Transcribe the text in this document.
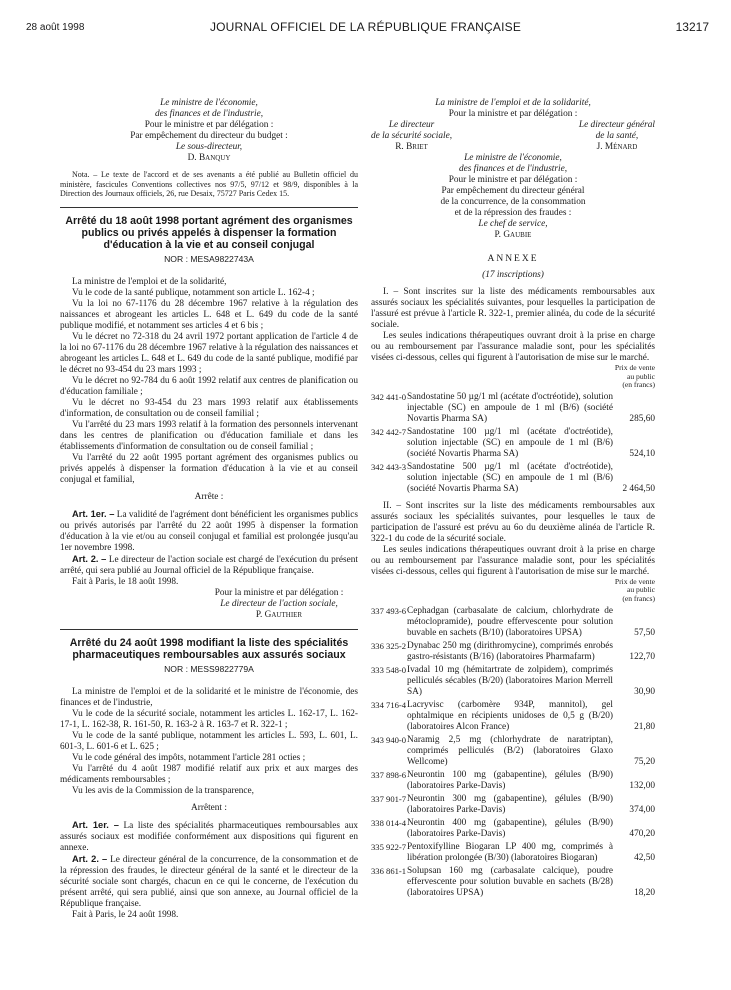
28 août 1998	JOURNAL OFFICIEL DE LA RÉPUBLIQUE FRANÇAISE	13217

Le ministre de l'économie,

des finances et de l'industrie,

Pour le ministre et par délégation :

Par empêchement du directeur du budget :

Le sous-directeur,

D. Banquy

Nota. – Le texte de l'accord et de ses avenants a été publié au Bulletin officiel du ministère, fascicules Conventions collectives nos 97/5, 97/12 et 98/9, disponibles à la Direction des Journaux officiels, 26, rue Desaix, 75727 Paris Cedex 15.

Arrêté du 18 août 1998 portant agrément des organismes publics ou privés appelés à dispenser la formation d'éducation à la vie et au conseil conjugal

NOR : MESA9822743A

La ministre de l'emploi et de la solidarité,

Vu le code de la santé publique, notamment son article L. 162-4 ;

Vu la loi no 67-1176 du 28 décembre 1967 relative à la régulation des naissances et abrogeant les articles L. 648 et L. 649 du code de la santé publique modifié, et notamment ses articles 4 et 6 bis ;

Vu le décret no 72-318 du 24 avril 1972 portant application de l'article 4 de la loi no 67-1176 du 28 décembre 1967 relative à la régulation des naissances et abrogeant les articles L. 648 et L. 649 du code de la santé publique, modifié par le décret no 93-454 du 23 mars 1993 ;

Vu le décret no 92-784 du 6 août 1992 relatif aux centres de planification ou d'éducation familiale ;

Vu le décret no 93-454 du 23 mars 1993 relatif aux établissements d'information, de consultation ou de conseil familial ;

Vu l'arrêté du 23 mars 1993 relatif à la formation des personnels intervenant dans les centres de planification ou d'éducation familiale et dans les établissements d'information de consultation ou de conseil familial ;

Vu l'arrêté du 22 août 1995 portant agrément des organismes publics ou privés appelés à dispenser la formation d'éducation à la vie et au conseil conjugal et familial,

Arrête :

Art. 1er. – La validité de l'agrément dont bénéficient les organismes publics ou privés autorisés par l'arrêté du 22 août 1995 à dispenser la formation d'éducation à la vie et/ou au conseil conjugal et familial est prolongée jusqu'au 1er novembre 1998.

Art. 2. – Le directeur de l'action sociale est chargé de l'exécution du présent arrêté, qui sera publié au Journal officiel de la République française.

Fait à Paris, le 18 août 1998.

Pour la ministre et par délégation :

Le directeur de l'action sociale,

P. Gauthier

Arrêté du 24 août 1998 modifiant la liste des spécialités pharmaceutiques remboursables aux assurés sociaux

NOR : MESS9822779A

La ministre de l'emploi et de la solidarité et le ministre de l'économie, des finances et de l'industrie,

Vu le code de la sécurité sociale, notamment les articles L. 162-17, L. 162-17-1, L. 162-38, R. 161-50, R. 163-2 à R. 163-7 et R. 322-1 ;

Vu le code de la santé publique, notamment les articles L. 593, L. 601, L. 601-3, L. 601-6 et L. 625 ;

Vu le code général des impôts, notamment l'article 281 octies ;

Vu l'arrêté du 4 août 1987 modifié relatif aux prix et aux marges des médicaments remboursables ;

Vu les avis de la Commission de la transparence,

Arrêtent :

Art. 1er. – La liste des spécialités pharmaceutiques remboursables aux assurés sociaux est modifiée conformément aux dispositions qui figurent en annexe.

Art. 2. – Le directeur général de la concurrence, de la consommation et de la répression des fraudes, le directeur général de la santé et le directeur de la sécurité sociale sont chargés, chacun en ce qui le concerne, de l'exécution du présent arrêté, qui sera publié, ainsi que son annexe, au Journal officiel de la République française.

Fait à Paris, le 24 août 1998.

La ministre de l'emploi et de la solidarité,

Pour la ministre et par délégation :

Le directeur

de la sécurité sociale,

R. Briet

Le directeur général

de la santé,

J. Ménard

Le ministre de l'économie,

des finances et de l'industrie,

Pour le ministre et par délégation :

Par empêchement du directeur général

de la concurrence, de la consommation

et de la répression des fraudes :

Le chef de service,

P. Gaubie

ANNEXE

(17 inscriptions)

I. – Sont inscrites sur la liste des médicaments remboursables aux assurés sociaux les spécialités suivantes, pour lesquelles la participation de l'assuré est prévue à l'article R. 322-1, premier alinéa, du code de la sécurité sociale.

Les seules indications thérapeutiques ouvrant droit à la prise en charge ou au remboursement par l'assurance maladie sont, pour les spécialités visées ci-dessous, celles qui figurent à l'autorisation de mise sur le marché.

Prix de vente

au public

(en francs)

342 441-0 Sandostatine 50 µg/1 ml (acétate d'octréotide), solution injectable (SC) en ampoule de 1 ml (B/6) (société Novartis Pharma SA)	285,60
342 442-7 Sandostatine 100 µg/1 ml (acétate d'octréotide), solution injectable (SC) en ampoule de 1 ml (B/6) (société Novartis Pharma SA)	524,10
342 443-3 Sandostatine 500 µg/1 ml (acétate d'octréotide), solution injectable (SC) en ampoule de 1 ml (B/6) (société Novartis Pharma SA)	2 464,50

II. – Sont inscrites sur la liste des médicaments remboursables aux assurés sociaux les spécialités suivantes, pour lesquelles le taux de participation de l'assuré est prévu au 6o du deuxième alinéa de l'article R. 322-1 du code de la sécurité sociale.

Les seules indications thérapeutiques ouvrant droit à la prise en charge ou au remboursement par l'assurance maladie sont, pour les spécialités visées ci-dessous, celles qui figurent à l'autorisation de mise sur le marché.

Prix de vente

au public

(en francs)

337 493-6 Cephadgan (carbasalate de calcium, chlorhydrate de métoclopramide), poudre effervescente pour solution buvable en sachets (B/10) (laboratoires UPSA)	57,50
336 325-2 Dynabac 250 mg (dirithromycine), comprimés enrobés gastro-résistants (B/16) (laboratoires Pharmafarm)	122,70
333 548-0 Ivadal 10 mg (hémitartrate de zolpidem), comprimés pelliculés sécables (B/20) (laboratoires Marion Merrell SA)	30,90
334 716-4 Lacryvisc (carbomère 934P, mannitol), gel ophtalmique en récipients unidoses de 0,5 g (B/20) (laboratoires Alcon France)	21,80
343 940-0 Naramig 2,5 mg (chlorhydrate de naratriptan), comprimés pelliculés (B/2) (laboratoires Glaxo Wellcome)	75,20
337 898-6 Neurontin 100 mg (gabapentine), gélules (B/90) (laboratoires Parke-Davis)	132,00
337 901-7 Neurontin 300 mg (gabapentine), gélules (B/90) (laboratoires Parke-Davis)	374,00
338 014-4 Neurontin 400 mg (gabapentine), gélules (B/90) (laboratoires Parke-Davis)	470,20
335 922-7 Pentoxifylline Biogaran LP 400 mg, comprimés à libération prolongée (B/30) (laboratoires Biogaran)	42,50
336 861-1 Solupsan 160 mg (carbasalate calcique), poudre effervescente pour solution buvable en sachets (B/28) (laboratoires UPSA)	18,20
